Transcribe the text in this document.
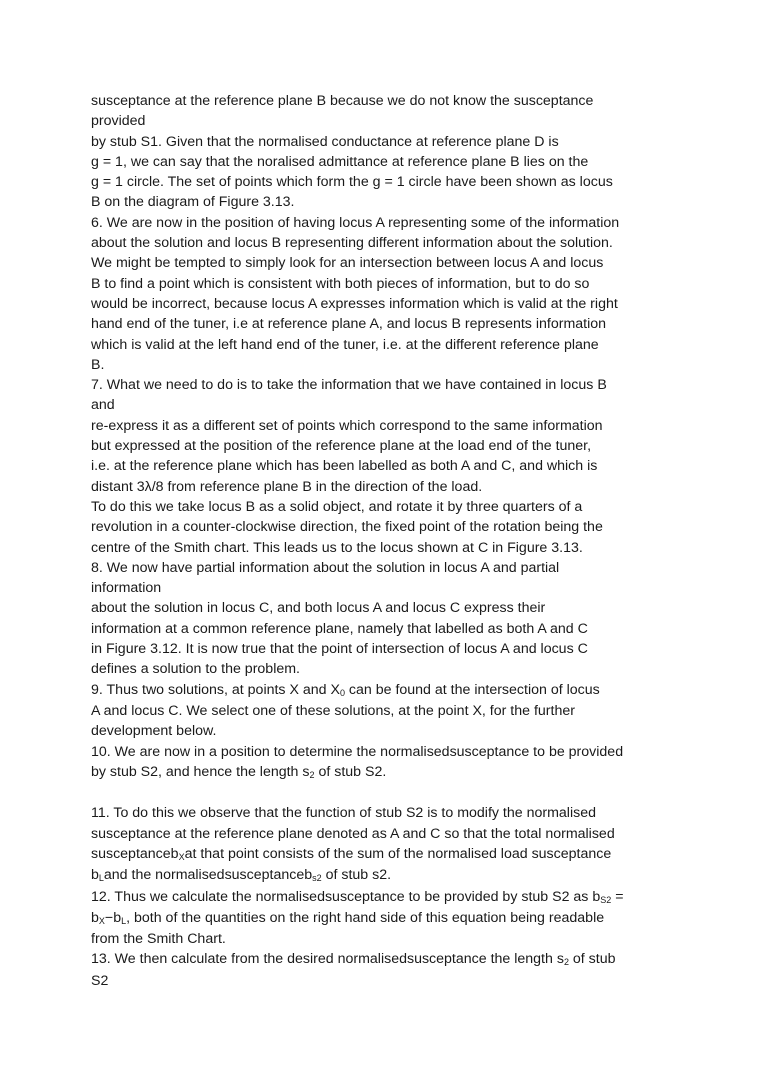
susceptance at the reference plane B because we do not know the susceptance
provided
by stub S1. Given that the normalised conductance at reference plane D is
g = 1, we can say that the noralised admittance at reference plane B lies on the
g = 1 circle. The set of points which form the g = 1 circle have been shown as locus
B on the diagram of Figure 3.13.
6. We are now in the position of having locus A representing some of the information
about the solution and locus B representing different information about the solution.
We might be tempted to simply look for an intersection between locus A and locus
B to find a point which is consistent with both pieces of information, but to do so
would be incorrect, because locus A expresses information which is valid at the right
hand end of the tuner, i.e at reference plane A, and locus B represents information
which is valid at the left hand end of the tuner, i.e. at the different reference plane
B.
7. What we need to do is to take the information that we have contained in locus B
and
re-express it as a different set of points which correspond to the same information
but expressed at the position of the reference plane at the load end of the tuner,
i.e. at the reference plane which has been labelled as both A and C, and which is
distant 3λ/8 from reference plane B in the direction of the load.
To do this we take locus B as a solid object, and rotate it by three quarters of a
revolution in a counter-clockwise direction, the fixed point of the rotation being the
centre of the Smith chart. This leads us to the locus shown at C in Figure 3.13.
8. We now have partial information about the solution in locus A and partial
information
about the solution in locus C, and both locus A and locus C express their
information at a common reference plane, namely that labelled as both A and C
in Figure 3.12. It is now true that the point of intersection of locus A and locus C
defines a solution to the problem.
9. Thus two solutions, at points X and $X_0$ can be found at the intersection of locus
A and locus C. We select one of these solutions, at the point X, for the further
development below.
10. We are now in a position to determine the normalisedsusceptance to be provided
by stub S2, and hence the length $s_2$ of stub S2.
11. To do this we observe that the function of stub S2 is to modify the normalised
susceptance at the reference plane denoted as A and C so that the total normalised
susceptanceb$_X$at that point consists of the sum of the normalised load susceptance
$b_Land$ the normalisedsusceptanceb$_{s2}$ of stub s2.
12. Thus we calculate the normalisedsusceptance to be provided by stub S2 as $b_{S2}$ =
$b_X-b_L$, both of the quantities on the right hand side of this equation being readable
from the Smith Chart.
13. We then calculate from the desired normalisedsusceptance the length $s_2$ of stub
S2
